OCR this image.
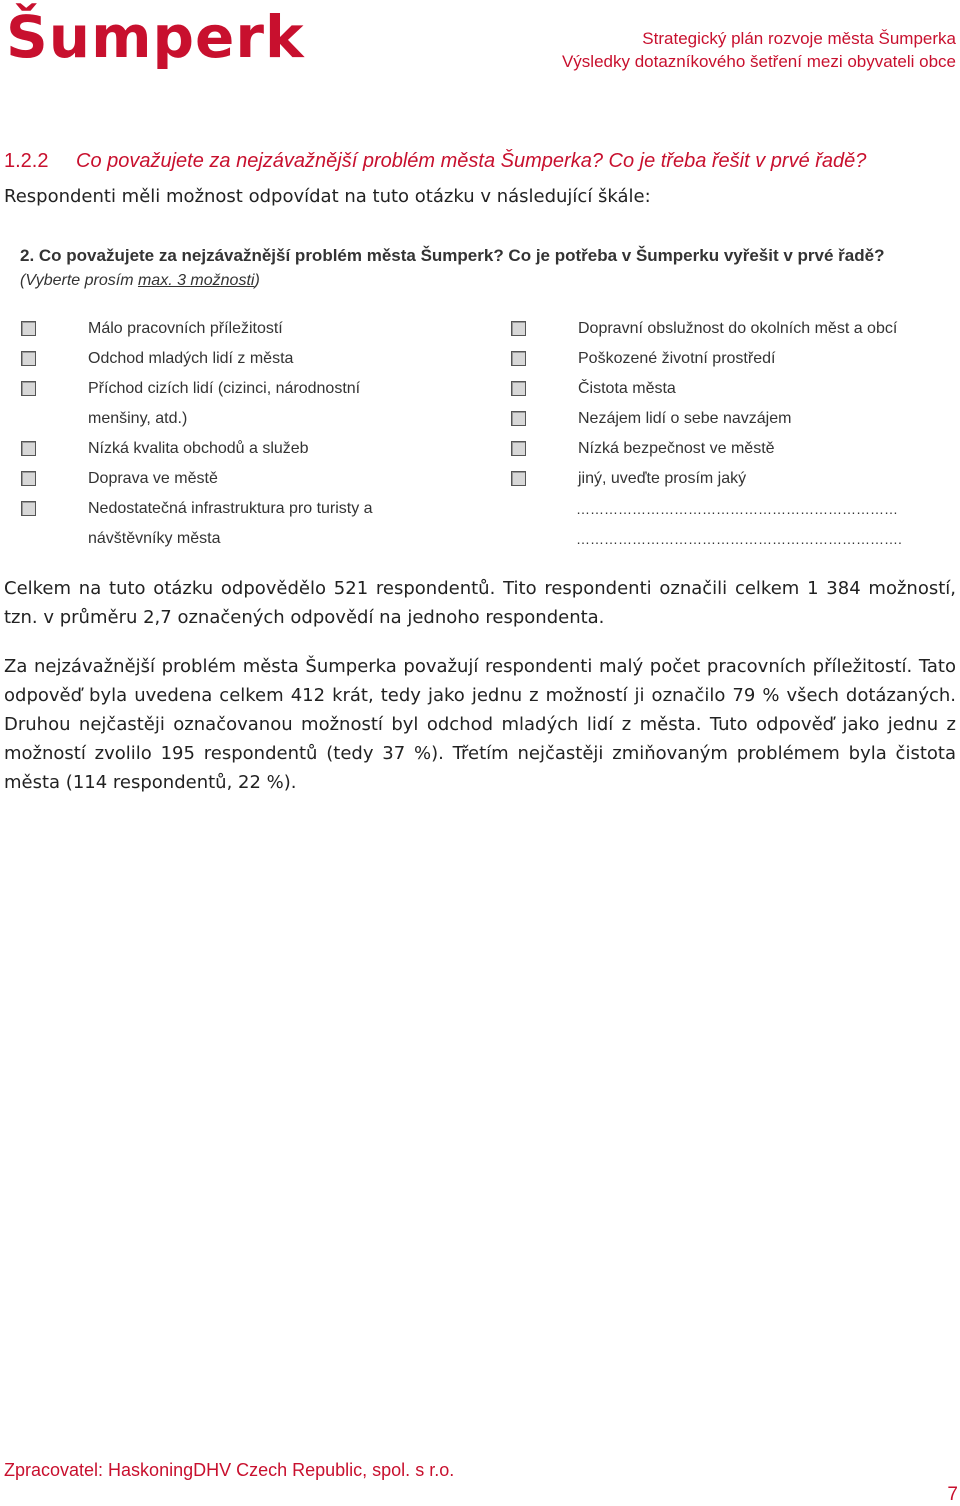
Šumperk	Strategický plán rozvoje města Šumperka
Výsledky dotazníkového šetření mezi obyvateli obce
1.2.2 Co považujete za nejzávažnější problém města Šumperka? Co je třeba řešit v prvé řadě?
Respondenti měli možnost odpovídat na tuto otázku v následující škále:
2. Co považujete za nejzávažnější problém města Šumperk? Co je potřeba v Šumperku vyřešit v prvé řadě?
(Vyberte prosím max. 3 možnosti)
Málo pracovních příležitostí
Odchod mladých lidí z města
Příchod cizích lidí (cizinci, národnostní menšiny, atd.)
Nízká kvalita obchodů a služeb
Doprava ve městě
Nedostatečná infrastruktura pro turisty a návštěvníky města
Dopravní obslužnost do okolních měst a obcí
Poškozené životní prostředí
Čistota města
Nezájem lidí o sebe navzájem
Nízká bezpečnost ve městě
jiný, uveďte prosím jaký
……………………………………………………………
…………………………………………………………….
Celkem na tuto otázku odpovědělo 521 respondentů. Tito respondenti označili celkem 1 384 možností, tzn. v průměru 2,7 označených odpovědí na jednoho respondenta.
Za nejzávažnější problém města Šumperka považují respondenti malý počet pracovních příležitostí. Tato odpověď byla uvedena celkem 412 krát, tedy jako jednu z možností ji označilo 79 % všech dotázaných. Druhou nejčastěji označovanou možností byl odchod mladých lidí z města. Tuto odpověď jako jednu z možností zvolilo 195 respondentů (tedy 37 %). Třetím nejčastěji zmiňovaným problémem byla čistota města (114 respondentů, 22 %).
Zpracovatel: HaskoningDHV Czech Republic, spol. s r.o.
7
